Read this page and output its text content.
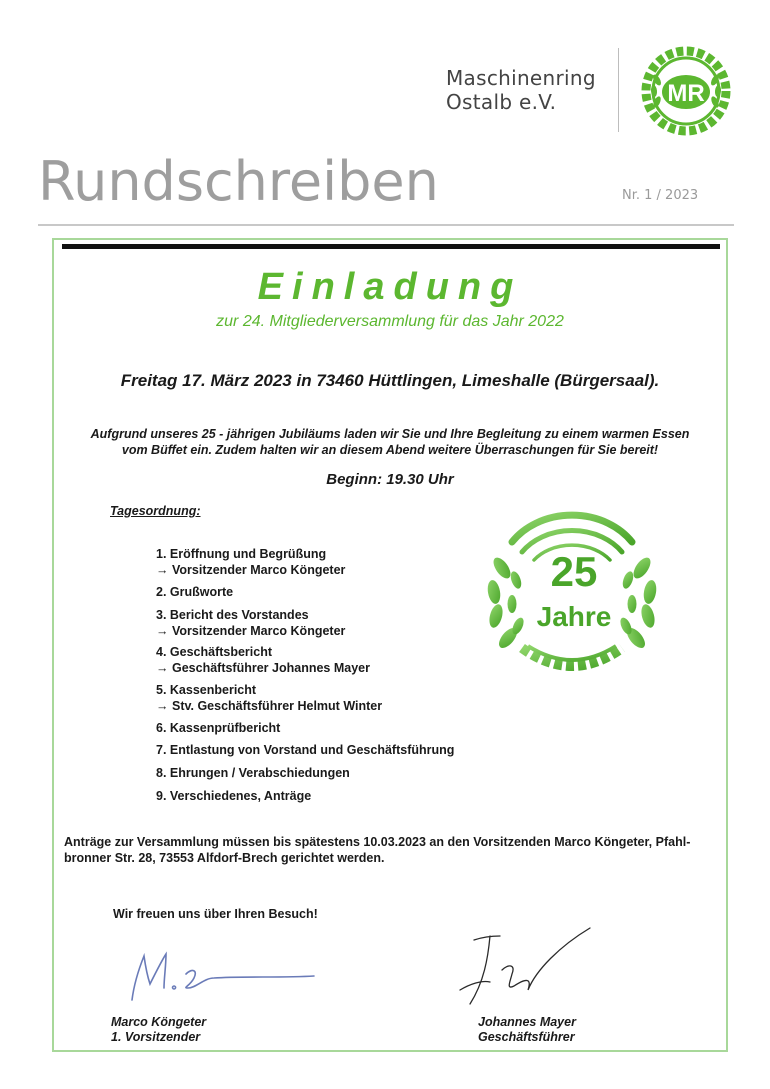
Maschinenring
Ostalb e.V.	MR
Rundschreiben	Nr. 1 / 2023
Einladung
zur 24. Mitgliederversammlung für das Jahr 2022
Freitag 17. März 2023 in 73460 Hüttlingen, Limeshalle (Bürgersaal).
Aufgrund unseres 25 - jährigen Jubiläums laden wir Sie und Ihre Begleitung zu einem warmen Essen
vom Büffet ein. Zudem halten wir an diesem Abend weitere Überraschungen für Sie bereit!
Beginn: 19.30 Uhr
Tagesordnung:
1. Eröffnung und Begrüßung
→ Vorsitzender Marco Köngeter
2. Grußworte
3. Bericht des Vorstandes
→ Vorsitzender Marco Köngeter
4. Geschäftsbericht
→ Geschäftsführer Johannes Mayer
5. Kassenbericht
→ Stv. Geschäftsführer Helmut Winter
6. Kassenprüfbericht
7. Entlastung von Vorstand und Geschäftsführung
8. Ehrungen / Verabschiedungen
9. Verschiedenes, Anträge
25
Jahre
Anträge zur Versammlung müssen bis spätestens 10.03.2023 an den Vorsitzenden Marco Köngeter, Pfahl-
bronner Str. 28, 73553 Alfdorf-Brech gerichtet werden.
Wir freuen uns über Ihren Besuch!
Marco Köngeter
1. Vorsitzender
Johannes Mayer
Geschäftsführer
